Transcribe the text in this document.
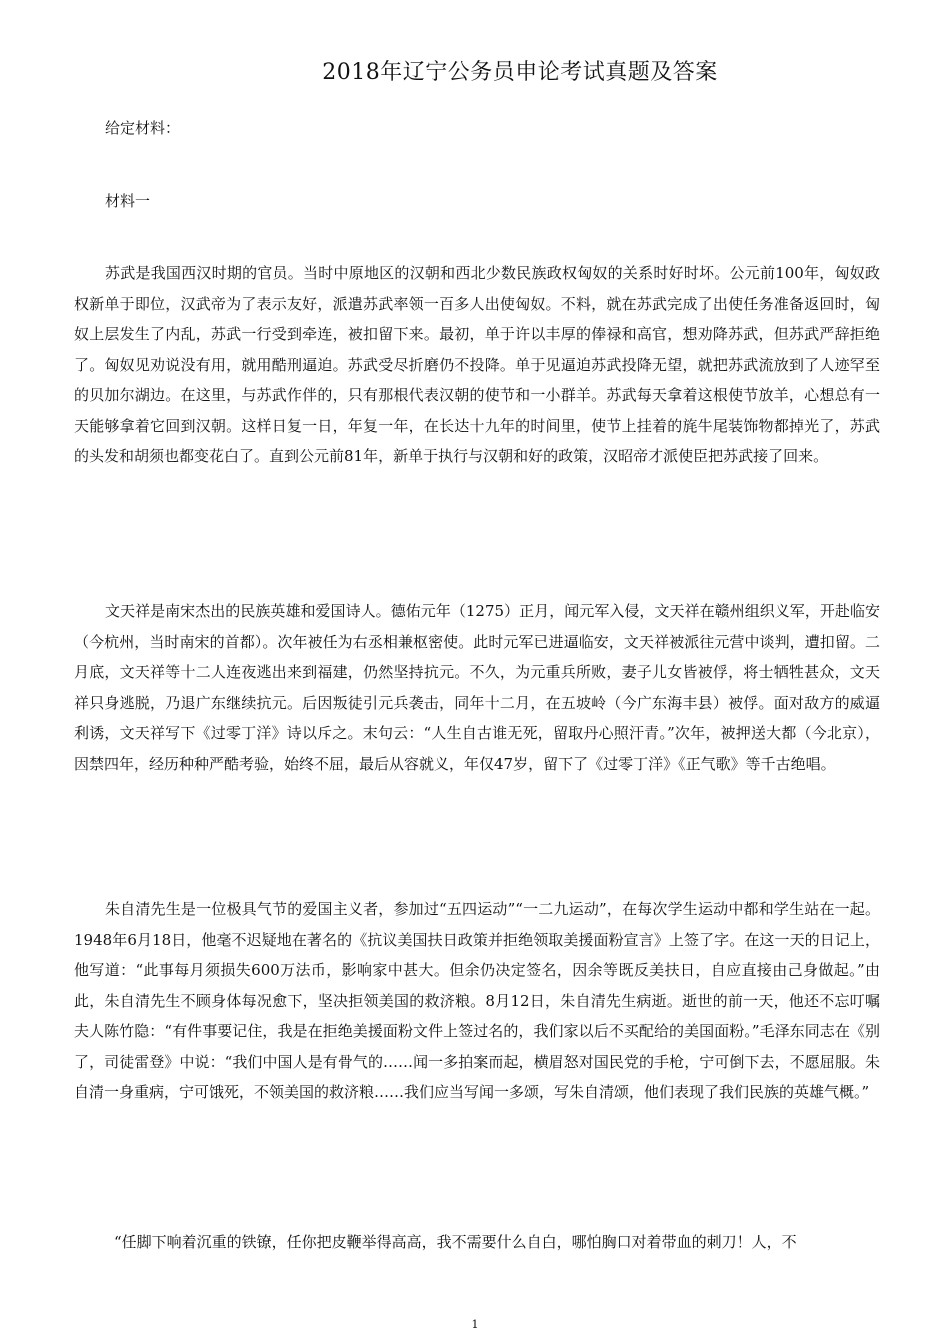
2018年辽宁公务员申论考试真题及答案
给定材料：
材料一

苏武是我国西汉时期的官员。当时中原地区的汉朝和西北少数民族政权匈奴的关系时好时坏。公元前100年，匈奴政权新单于即位，汉武帝为了表示友好，派遣苏武率领一百多人出使匈奴。不料，就在苏武完成了出使任务准备返回时，匈奴上层发生了内乱，苏武一行受到牵连，被扣留下来。最初，单于许以丰厚的俸禄和高官，想劝降苏武，但苏武严辞拒绝了。匈奴见劝说没有用，就用酷刑逼迫。苏武受尽折磨仍不投降。单于见逼迫苏武投降无望，就把苏武流放到了人迹罕至的贝加尔湖边。在这里，与苏武作伴的，只有那根代表汉朝的使节和一小群羊。苏武每天拿着这根使节放羊，心想总有一天能够拿着它回到汉朝。这样日复一日，年复一年，在长达十九年的时间里，使节上挂着的旄牛尾装饰物都掉光了，苏武的头发和胡须也都变花白了。直到公元前81年，新单于执行与汉朝和好的政策，汉昭帝才派使臣把苏武接了回来。

文天祥是南宋杰出的民族英雄和爱国诗人。德佑元年（1275）正月，闻元军入侵，文天祥在赣州组织义军，开赴临安（今杭州，当时南宋的首都）。次年被任为右丞相兼枢密使。此时元军已进逼临安，文天祥被派往元营中谈判，遭扣留。二月底，文天祥等十二人连夜逃出来到福建，仍然坚持抗元。不久，为元重兵所败，妻子儿女皆被俘，将士牺牲甚众，文天祥只身逃脱，乃退广东继续抗元。后因叛徒引元兵袭击，同年十二月，在五坡岭（今广东海丰县）被俘。面对敌方的威逼利诱，文天祥写下《过零丁洋》诗以斥之。末句云：“人生自古谁无死，留取丹心照汗青。”次年，被押送大都（今北京），因禁四年，经历种种严酷考验，始终不屈，最后从容就义，年仅47岁，留下了《过零丁洋》《正气歌》等千古绝唱。

朱自清先生是一位极具气节的爱国主义者，参加过“五四运动”“一二九运动”，在每次学生运动中都和学生站在一起。1948年6月18日，他毫不迟疑地在著名的《抗议美国扶日政策并拒绝领取美援面粉宣言》上签了字。在这一天的日记上，他写道：“此事每月须损失600万法币，影响家中甚大。但余仍决定签名，因余等既反美扶日，自应直接由己身做起。”由此，朱自清先生不顾身体每况愈下，坚决拒领美国的救济粮。8月12日，朱自清先生病逝。逝世的前一天，他还不忘叮嘱夫人陈竹隐：“有件事要记住，我是在拒绝美援面粉文件上签过名的，我们家以后不买配给的美国面粉。”毛泽东同志在《别了，司徒雷登》中说：“我们中国人是有骨气的……闻一多拍案而起，横眉怒对国民党的手枪，宁可倒下去，不愿屈服。朱自清一身重病，宁可饿死，不领美国的救济粮……我们应当写闻一多颂，写朱自清颂，他们表现了我们民族的英雄气概。”

“任脚下响着沉重的铁镣，任你把皮鞭举得高高，我不需要什么自白，哪怕胸口对着带血的刺刀！人，不

1
